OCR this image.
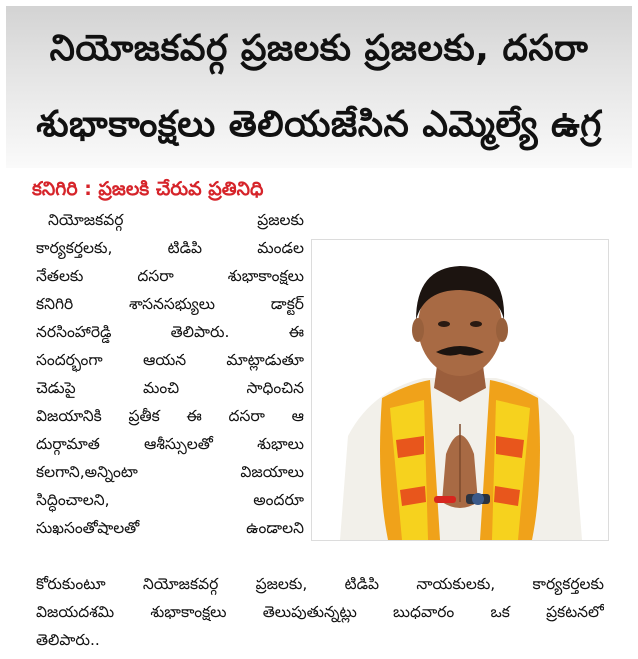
నియోజకవర్గ ప్రజలకు ప్రజలకు, దసరా
శుభాకాంక్షలు తెలియజేసిన ఎమ్మెల్యే ఉగ్ర
కనిగిరి : ప్రజలకి చేరువ ప్రతినిధి
నియోజకవర్గ ప్రజలకు
కార్యకర్తలకు, టిడిపి మండల
నేతలకు దసరా శుభాకాంక్షలు
కనిగిరి శాసనసభ్యులు డాక్టర్
నరసింహారెడ్డి తెలిపారు. ఈ
సందర్భంగా ఆయన మాట్లాడుతూ
చెడుపై మంచి సాధించిన
విజయానికి ప్రతీక ఈ దసరా ఆ
దుర్గామాత ఆశీస్సులతో శుభాలు
కలగాని,అన్నింటా విజయాలు
సిద్ధించాలని, అందరూ
సుఖసంతోషాలతో ఉండాలని
కోరుకుంటూ నియోజకవర్గ ప్రజలకు, టిడిపి నాయకులకు, కార్యకర్తలకు
విజయదశమి శుభాకాంక్షలు తెలుపుతున్నట్లు బుధవారం ఒక ప్రకటనలో
తెలిపారు..
